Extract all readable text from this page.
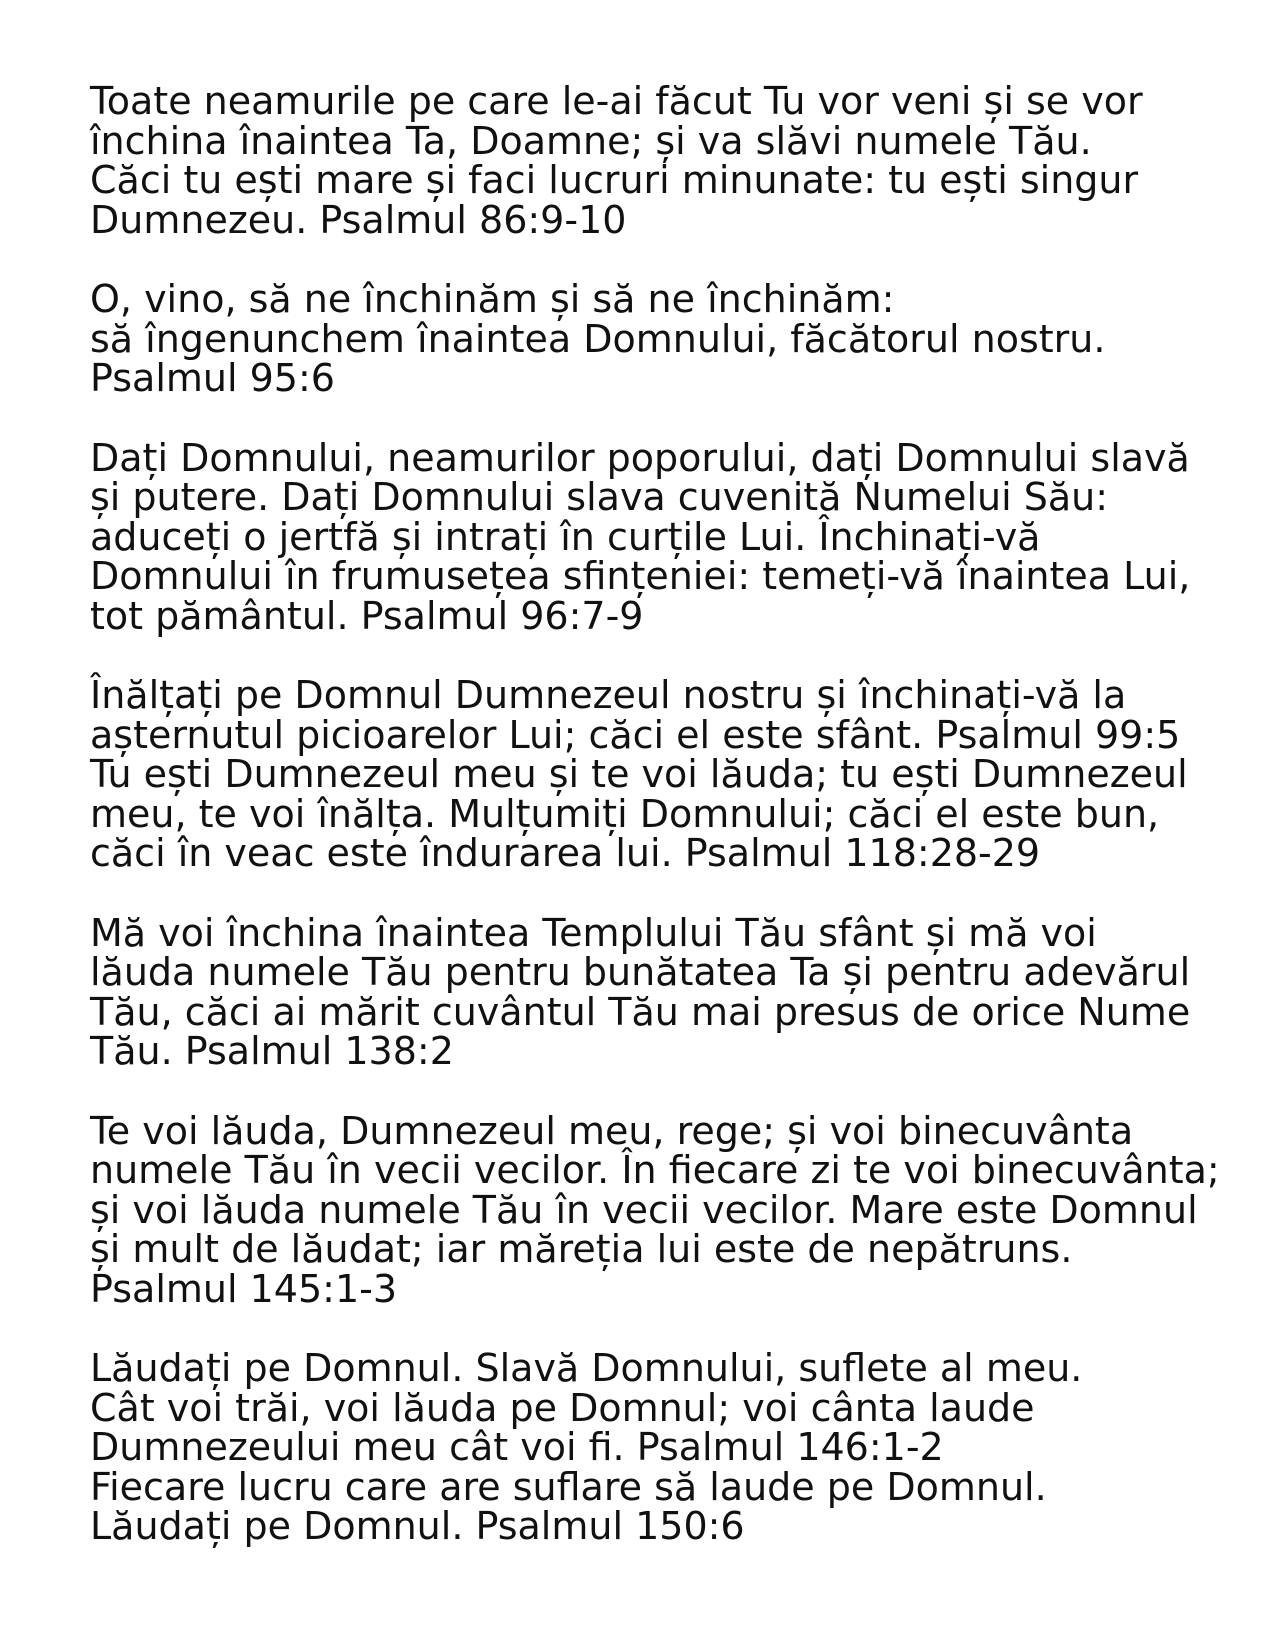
Toate neamurile pe care le-ai făcut Tu vor veni și se vor
închina înaintea Ta, Doamne; și va slăvi numele Tău.
Căci tu ești mare și faci lucruri minunate: tu ești singur
Dumnezeu. Psalmul 86:9-10
O, vino, să ne închinăm și să ne închinăm:
să îngenunchem înaintea Domnului, făcătorul nostru.
Psalmul 95:6
Dați Domnului, neamurilor poporului, dați Domnului slavă
și putere. Dați Domnului slava cuvenită Numelui Său:
aduceți o jertfă și intrați în curțile Lui. Închinați-vă
Domnului în frumusețea sfințeniei: temeți-vă înaintea Lui,
tot pământul. Psalmul 96:7-9
Înălțați pe Domnul Dumnezeul nostru și închinați-vă la
așternutul picioarelor Lui; căci el este sfânt. Psalmul 99:5
Tu ești Dumnezeul meu și te voi lăuda; tu ești Dumnezeul
meu, te voi înălța. Mulțumiți Domnului; căci el este bun,
căci în veac este îndurarea lui. Psalmul 118:28-29
Mă voi închina înaintea Templului Tău sfânt și mă voi
lăuda numele Tău pentru bunătatea Ta și pentru adevărul
Tău, căci ai mărit cuvântul Tău mai presus de orice Nume
Tău. Psalmul 138:2
Te voi lăuda, Dumnezeul meu, rege; și voi binecuvânta
numele Tău în vecii vecilor. În fiecare zi te voi binecuvânta;
și voi lăuda numele Tău în vecii vecilor. Mare este Domnul
și mult de lăudat; iar măreția lui este de nepătruns.
Psalmul 145:1-3
Lăudați pe Domnul. Slavă Domnului, suflete al meu.
Cât voi trăi, voi lăuda pe Domnul; voi cânta laude
Dumnezeului meu cât voi fi. Psalmul 146:1-2
Fiecare lucru care are suflare să laude pe Domnul.
Lăudați pe Domnul. Psalmul 150:6
